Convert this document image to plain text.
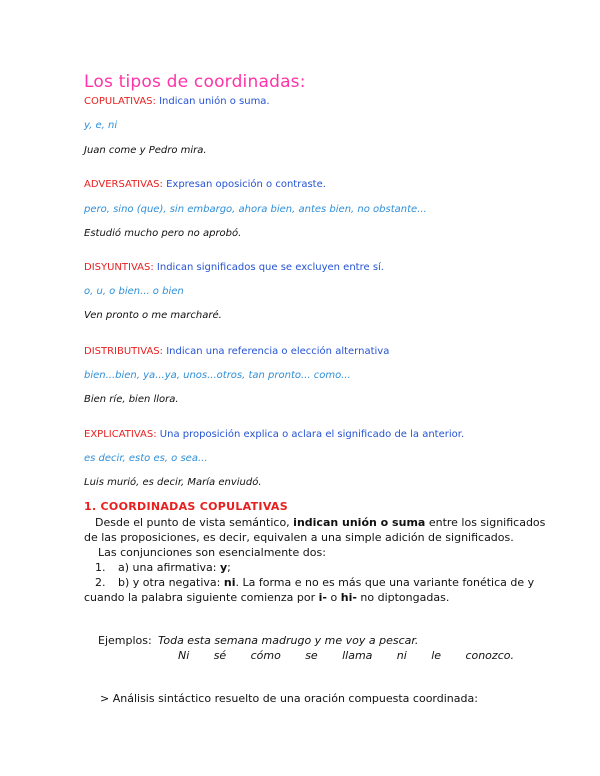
Los tipos de coordinadas:
COPULATIVAS: Indican unión o suma.
y, e, ni
Juan come y Pedro mira.
ADVERSATIVAS: Expresan oposición o contraste.
pero, sino (que), sin embargo, ahora bien, antes bien, no obstante...
Estudió mucho pero no aprobó.
DISYUNTIVAS: Indican significados que se excluyen entre sí.
o, u, o bien... o bien
Ven pronto o me marcharé.
DISTRIBUTIVAS: Indican una referencia o elección alternativa
bien...bien, ya...ya, unos...otros, tan pronto... como...
Bien ríe, bien llora.
EXPLICATIVAS: Una proposición explica o aclara el significado de la anterior.
es decir, esto es, o sea...
Luis murió, es decir, María enviudó.
1. COORDINADAS COPULATIVAS
Desde el punto de vista semántico, indican unión o suma entre los significados
de las proposiciones, es decir, equivalen a una simple adición de significados.
Las conjunciones son esencialmente dos:
1. a) una afirmativa: y;
2. b) y otra negativa: ni. La forma e no es más que una variante fonética de y
cuando la palabra siguiente comienza por i- o hi- no diptongadas.
Ejemplos: Toda esta semana madrugo y me voy a pescar.
Ni sé cómo se llama ni le conozco.
> Análisis sintáctico resuelto de una oración compuesta coordinada:
